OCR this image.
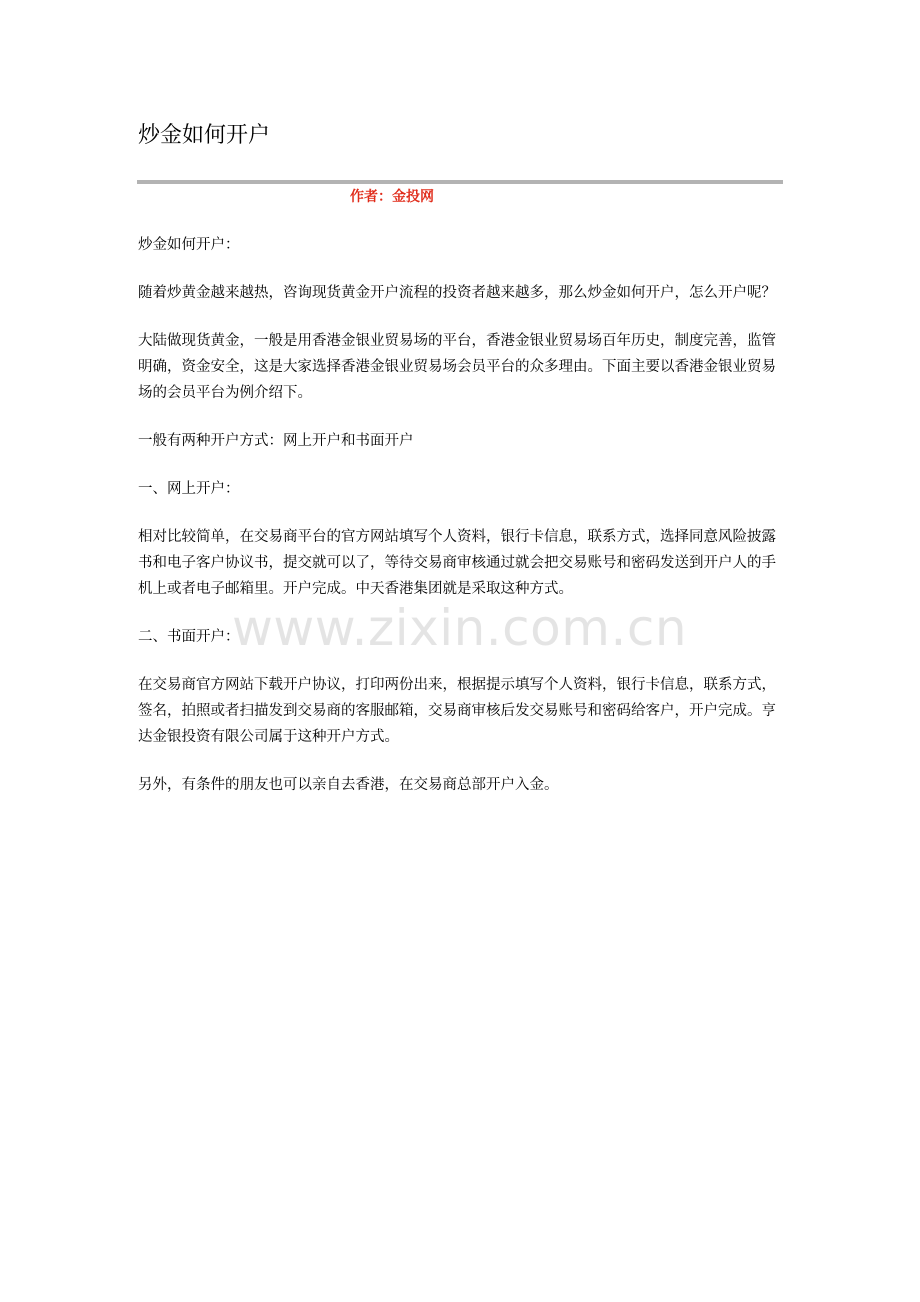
炒金如何开户
作者：金投网

炒金如何开户：

随着炒黄金越来越热，咨询现货黄金开户流程的投资者越来越多，那么炒金如何开户，怎么开户呢？

大陆做现货黄金，一般是用香港金银业贸易场的平台，香港金银业贸易场百年历史，制度完善，监管明确，资金安全，这是大家选择香港金银业贸易场会员平台的众多理由。下面主要以香港金银业贸易场的会员平台为例介绍下。

一般有两种开户方式：网上开户和书面开户

一、网上开户：

相对比较简单，在交易商平台的官方网站填写个人资料，银行卡信息，联系方式，选择同意风险披露书和电子客户协议书，提交就可以了，等待交易商审核通过就会把交易账号和密码发送到开户人的手机上或者电子邮箱里。开户完成。中天香港集团就是采取这种方式。

二、书面开户：

在交易商官方网站下载开户协议，打印两份出来，根据提示填写个人资料，银行卡信息，联系方式，签名，拍照或者扫描发到交易商的客服邮箱，交易商审核后发交易账号和密码给客户，开户完成。亨达金银投资有限公司属于这种开户方式。

另外，有条件的朋友也可以亲自去香港，在交易商总部开户入金。

www.zixin.com.cn
